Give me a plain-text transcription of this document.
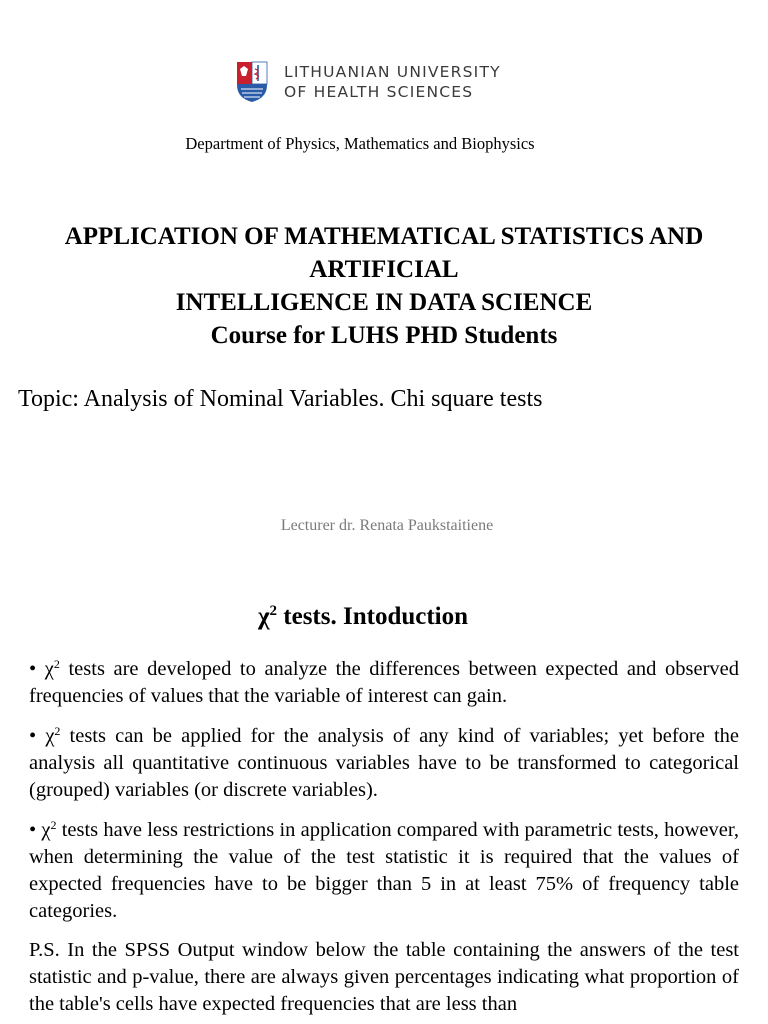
LITHUANIAN UNIVERSITY
OF HEALTH SCIENCES
Department of Physics, Mathematics and Biophysics
APPLICATION OF MATHEMATICAL STATISTICS AND
ARTIFICIAL
INTELLIGENCE IN DATA SCIENCE
Course for LUHS PHD Students
Topic: Analysis of Nominal Variables. Chi square tests
Lecturer dr. Renata Paukstaitiene
$\chi^2$ tests. Intoduction

• $\chi^2$ tests are developed to analyze the differences between expected and observed frequencies of values that the variable of interest can gain.

• $\chi^2$ tests can be applied for the analysis of any kind of variables; yet before the analysis all quantitative continuous variables have to be transformed to categorical (grouped) variables (or discrete variables).

• $\chi^2$ tests have less restrictions in application compared with parametric tests, however, when determining the value of the test statistic it is required that the values of expected frequencies have to be bigger than 5 in at least 75% of frequency table categories.

P.S. In the SPSS Output window below the table containing the answers of the test statistic and p-value, there are always given percentages indicating what proportion of the table's cells have expected frequencies that are less than
